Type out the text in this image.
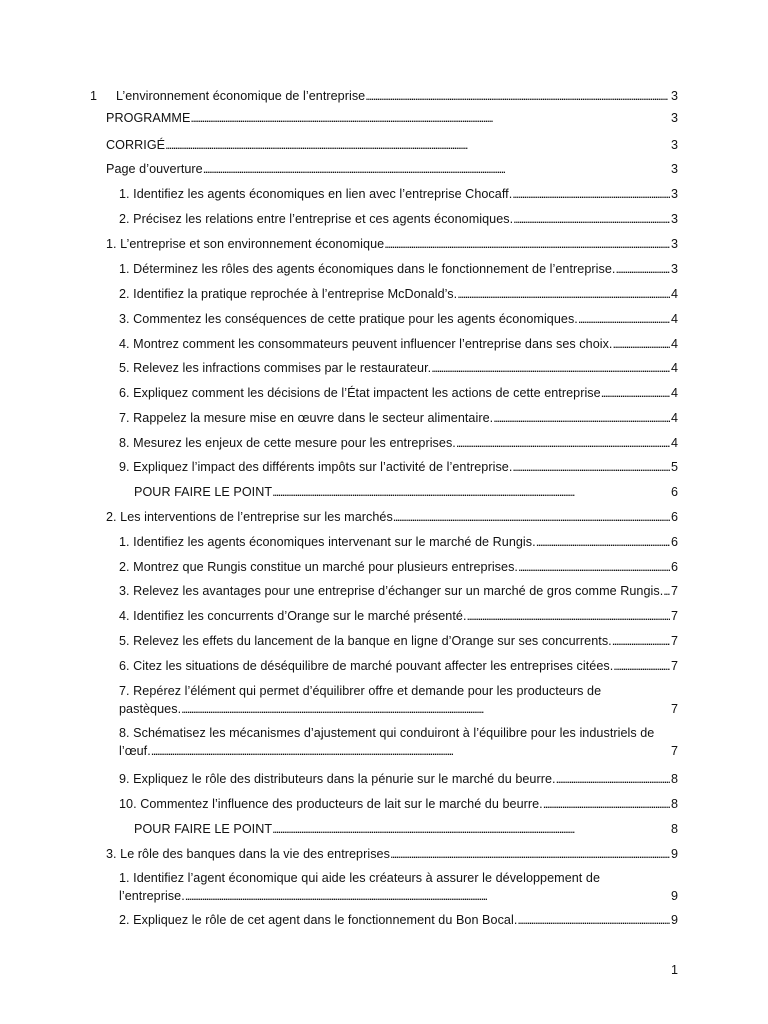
1	L’environnement économique de l’entreprise . . .	3
PROGRAMME . . .	3
CORRIGÉ . . .	3
Page d’ouverture . . .	3
1. Identifiez les agents économiques en lien avec l’entreprise Chocaff. . . .	3
2. Précisez les relations entre l’entreprise et ces agents économiques. . . .	3
1. L’entreprise et son environnement économique . . .	3
1. Déterminez les rôles des agents économiques dans le fonctionnement de l’entreprise. . . .	3
2. Identifiez la pratique reprochée à l’entreprise McDonald’s. . . .	4
3. Commentez les conséquences de cette pratique pour les agents économiques. . . .	4
4. Montrez comment les consommateurs peuvent influencer l’entreprise dans ses choix. . . .	4
5. Relevez les infractions commises par le restaurateur. . . .	4
6. Expliquez comment les décisions de l’État impactent les actions de cette entreprise . . .	4
7. Rappelez la mesure mise en œuvre dans le secteur alimentaire. . . .	4
8. Mesurez les enjeux de cette mesure pour les entreprises. . . .	4
9. Expliquez l’impact des différents impôts sur l’activité de l’entreprise. . . .	5
POUR FAIRE LE POINT . . .	6
2. Les interventions de l’entreprise sur les marchés . . .	6
1. Identifiez les agents économiques intervenant sur le marché de Rungis. . . .	6
2. Montrez que Rungis constitue un marché pour plusieurs entreprises. . . .	6
3. Relevez les avantages pour une entreprise d’échanger sur un marché de gros comme Rungis. . . . 7
4. Identifiez les concurrents d’Orange sur le marché présenté. . . .	7
5. Relevez les effets du lancement de la banque en ligne d’Orange sur ses concurrents. . . .	7
6. Citez les situations de déséquilibre de marché pouvant affecter les entreprises citées. . . .	7
7. Repérez l’élément qui permet d’équilibrer offre et demande pour les producteurs de
pastèques. . . .	7
8. Schématisez les mécanismes d’ajustement qui conduiront à l’équilibre pour les industriels de
l’œuf. . . .	7
9. Expliquez le rôle des distributeurs dans la pénurie sur le marché du beurre. . . .	8
10. Commentez l’influence des producteurs de lait sur le marché du beurre. . . .	8
POUR FAIRE LE POINT . . .	8
3. Le rôle des banques dans la vie des entreprises . . .	9
1. Identifiez l’agent économique qui aide les créateurs à assurer le développement de
l’entreprise. . . .	9
2. Expliquez le rôle de cet agent dans le fonctionnement du Bon Bocal. . . .	9
1
